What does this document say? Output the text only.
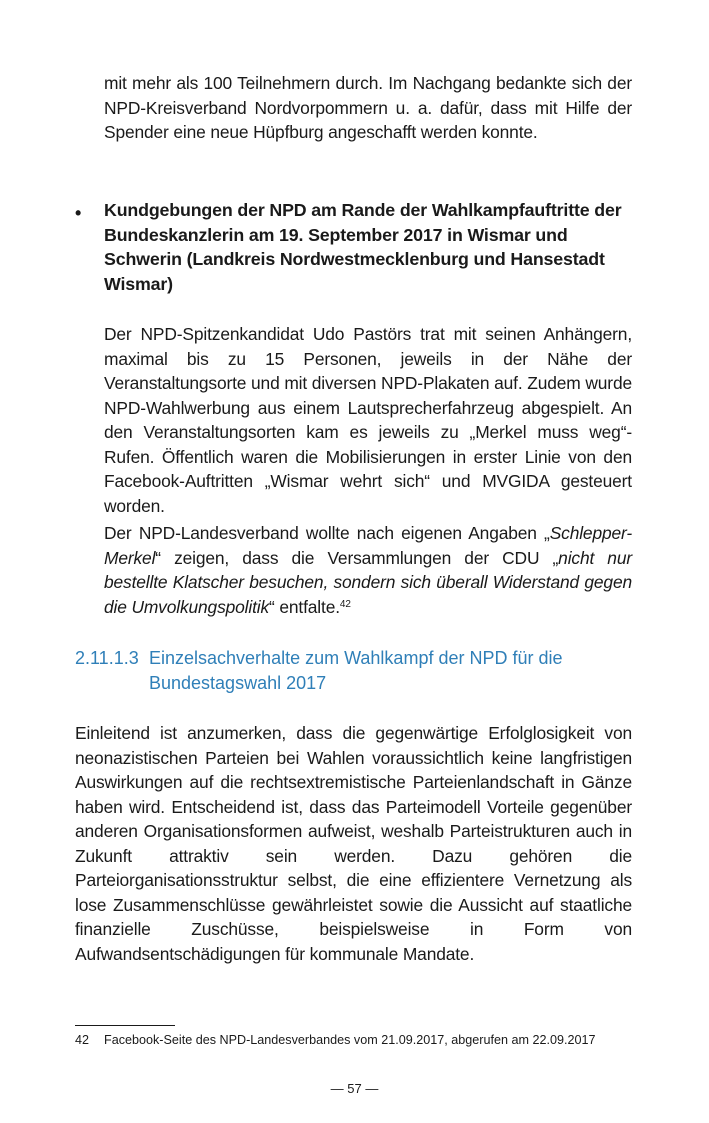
mit mehr als 100 Teilnehmern durch. Im Nachgang bedankte sich der NPD-Kreisverband Nordvorpommern u. a. dafür, dass mit Hilfe der Spender eine neue Hüpfburg angeschafft werden konnte.

• Kundgebungen der NPD am Rande der Wahlkampfauftritte der Bundeskanzlerin am 19. September 2017 in Wismar und Schwerin (Landkreis Nordwestmecklenburg und Hansestadt Wismar)

Der NPD-Spitzenkandidat Udo Pastörs trat mit seinen Anhängern, maximal bis zu 15 Personen, jeweils in der Nähe der Veranstaltungsorte und mit diversen NPD-Plakaten auf. Zudem wurde NPD-Wahlwerbung aus einem Lautsprecherfahrzeug abgespielt. An den Veranstaltungsorten kam es jeweils zu „Merkel muss weg“-Rufen. Öffentlich waren die Mobilisierungen in erster Linie von den Facebook-Auftritten „Wismar wehrt sich“ und MVGIDA gesteuert worden.

Der NPD-Landesverband wollte nach eigenen Angaben „Schlepper-Merkel“ zeigen, dass die Versammlungen der CDU „nicht nur bestellte Klatscher besuchen, sondern sich überall Widerstand gegen die Umvolkungspolitik“ entfalte.$^{42}$

2.11.1.3 Einzelsachverhalte zum Wahlkampf der NPD für die Bundestagswahl 2017

Einleitend ist anzumerken, dass die gegenwärtige Erfolglosigkeit von neonazistischen Parteien bei Wahlen voraussichtlich keine langfristigen Auswirkungen auf die rechtsextremistische Parteienlandschaft in Gänze haben wird. Entscheidend ist, dass das Parteimodell Vorteile gegenüber anderen Organisationsformen aufweist, weshalb Parteistrukturen auch in Zukunft attraktiv sein werden. Dazu gehören die Parteiorganisationsstruktur selbst, die eine effizientere Vernetzung als lose Zusammenschlüsse gewährleistet sowie die Aussicht auf staatliche finanzielle Zuschüsse, beispielsweise in Form von Aufwandsentschädigungen für kommunale Mandate.

42 Facebook-Seite des NPD-Landesverbandes vom 21.09.2017, abgerufen am 22.09.2017
— 57 —
